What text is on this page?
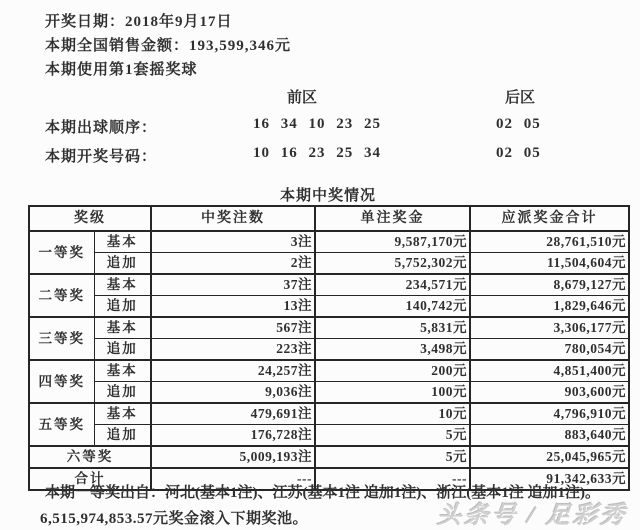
开奖日期：2018年9月17日
本期全国销售金额：193,599,346元
本期使用第1套摇奖球
前区	后区
本期出球顺序：	16 34 10 23 25	02 05
本期开奖号码：	10 16 23 25 34	02 05
本期中奖情况
奖级		中奖注数	单注奖金	应派奖金合计
一等奖	基本	3注	9,587,170元	28,761,510元
	追加	2注	5,752,302元	11,504,604元
二等奖	基本	37注	234,571元	8,679,127元
	追加	13注	140,742元	1,829,646元
三等奖	基本	567注	5,831元	3,306,177元
	追加	223注	3,498元	780,054元
四等奖	基本	24,257注	200元	4,851,400元
	追加	9,036注	100元	903,600元
五等奖	基本	479,691注	10元	4,796,910元
	追加	176,728注	5元	883,640元
六等奖		5,009,193注	5元	25,045,965元
合计		---	---	91,342,633元
本期一等奖出自：河北(基本1注)、江苏(基本1注 追加1注)、浙江(基本1注 追加1注)。
6,515,974,853.57元奖金滚入下期奖池。	头条号 / 足彩秀
